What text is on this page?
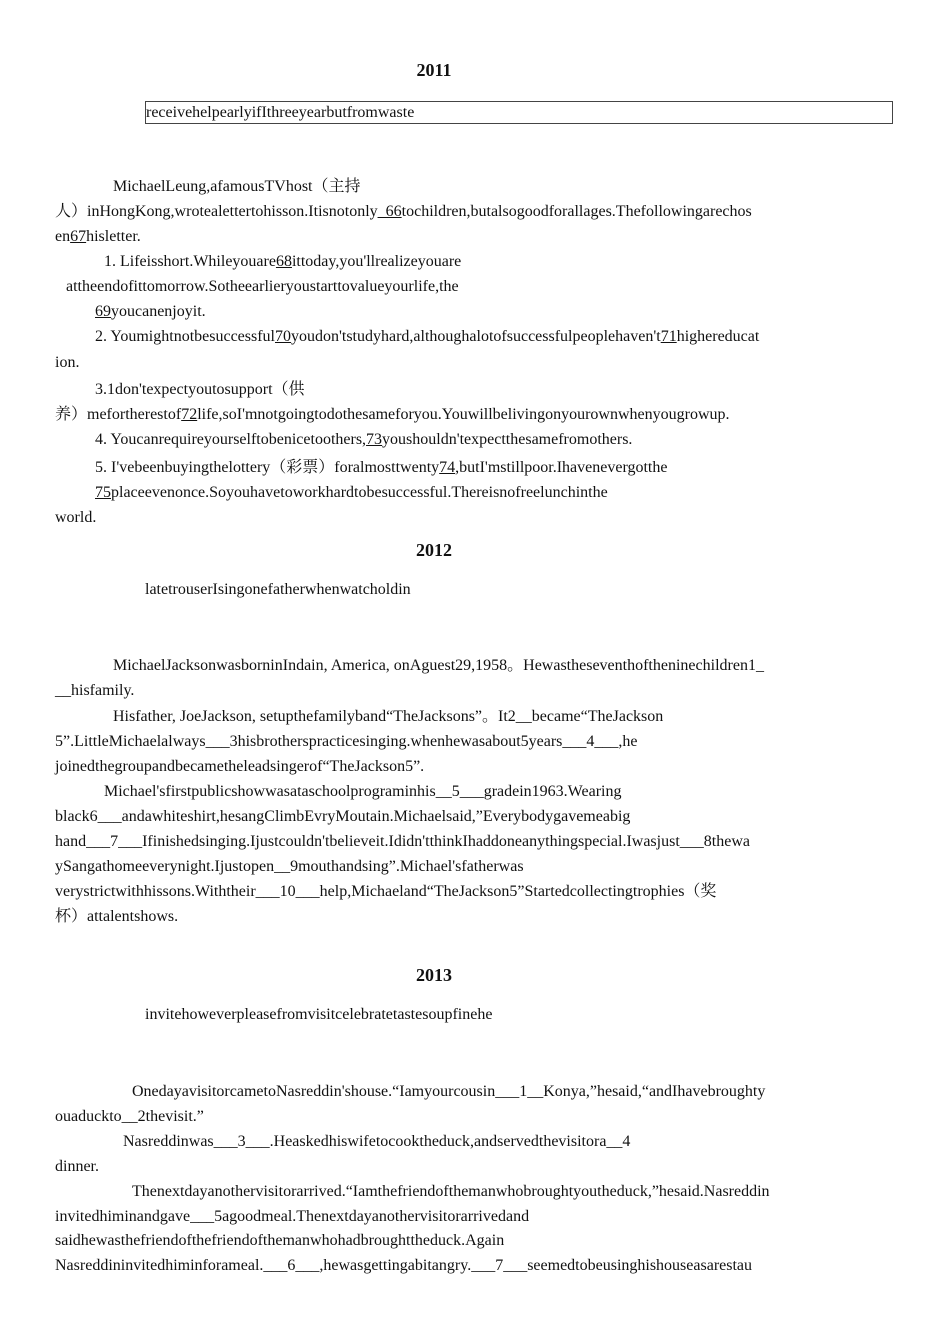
2011
receivehelpearlyifIthreeyearbutfromwaste
MichaelLeung,afamousTVhost（主持
人）inHongKong,wrotealettertohisson.Itisnotonly_66tochildren,butalsogoodforallages.Thefollowingarechos
en67hisletter.
1. Lifeisshort.Whileyouare68ittoday,you'llrealizeyouare
attheendofittomorrow.Sotheearlieryoustarttovalueyourlife,the
69youcanenjoyit.
2. Youmightnotbesuccessful70youdon'tstudyhard,althoughalotofsuccessfulpeoplehaven't71highereducat
ion.
3.1don'texpectyoutosupport（供
养）mefortherestof72life,soI'mnotgoingtodothesameforyou.Youwillbelivingonyourownwhenyougrowup.
4. Youcanrequireyourselftobenicetoothers,73youshouldn'texpectthesamefromothers.
5. I'vebeenbuyingthelottery（彩票）foralmosttwenty74,butI'mstillpoor.Ihavenevergotthe
75placeevenonce.Soyouhavetoworkhardtobesuccessful.Thereisnofreelunchinthe
world.
2012
latetrouserIsingonefatherwhenwatcholdin
MichaelJacksonwasborninIndain, America, onAguest29,1958。Hewastheseventhoftheninechildren1_
__hisfamily.
Hisfather, JoeJackson, setupthefamilyband“TheJacksons”。It2__became“TheJackson
5”.LittleMichaelalways___3hisbrotherspracticesinging.whenhewasabout5years___4___,he
joinedthegroupandbecametheleadsingerof“TheJackson5”.
Michael'sfirstpublicshowwasataschoolprograminhis__5___gradein1963.Wearing
black6___andawhiteshirt,hesangClimbEvryMoutain.Michaelsaid,”Everybodygavemeabig
hand___7___Ifinishedsinging.Ijustcouldn'tbelieveit.Ididn'tthinkIhaddoneanythingspecial.Iwasjust___8thewa
ySangathomeeverynight.Ijustopen__9mouthandsing”.Michael'sfatherwas
verystrictwithhissons.Withtheir___10___help,Michaeland“TheJackson5”Startedcollectingtrophies（奖
杯）attalentshows.
2013
invitehoweverpleasefromvisitcelebratetastesoupfinehe
OnedayavisitorcametoNasreddin'shouse.“Iamyourcousin___1__Konya,”hesaid,“andIhavebroughty
ouaduckto__2thevisit.”
Nasreddinwas___3___.Heaskedhiswifetocooktheduck,andservedthevisitora__4
dinner.
Thenextdayanothervisitorarrived.“Iamthefriendofthemanwhobroughtyoutheduck,”hesaid.Nasreddin
invitedhiminandgave___5agoodmeal.Thenextdayanothervisitorarrivedand
saidhewasthefriendofthefriendofthemanwhohadbroughttheduck.Again
Nasreddininvitedhiminforameal.___6___,hewasgettingabitangry.___7___seemedtobeusinghishouseasarestau
